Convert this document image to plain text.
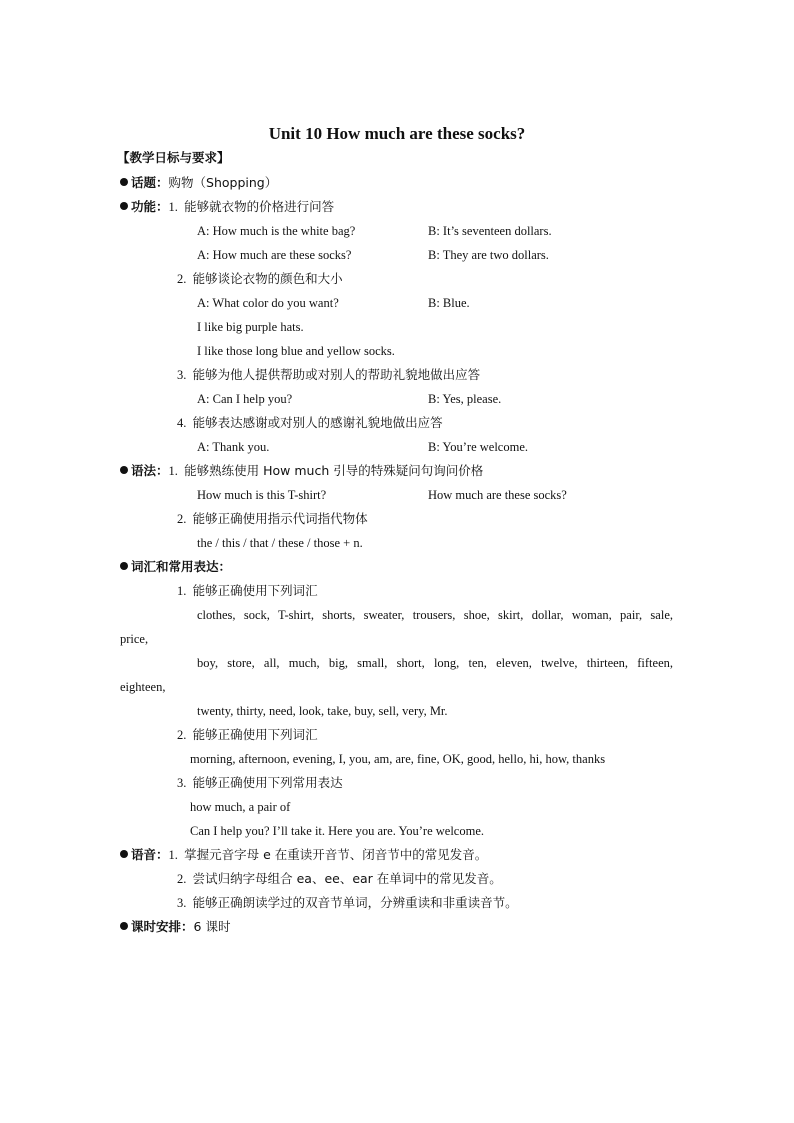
Unit 10 How much are these socks?
【教学日标与要求】
话题：购物（Shopping）
功能：1. 能够就衣物的价格进行问答
A: How much is the white bag?	B: It’s seventeen dollars.
A: How much are these socks?	B: They are two dollars.
2. 能够谈论衣物的颜色和大小
A: What color do you want?	B: Blue.
I like big purple hats.
I like those long blue and yellow socks.
3. 能够为他人提供帮助或对别人的帮助礼貌地做出应答
A: Can I help you?	B: Yes, please.
4. 能够表达感谢或对别人的感谢礼貌地做出应答
A: Thank you.	B: You’re welcome.
语法：1. 能够熟练使用 How much 引导的特殊疑问句询问价格
How much is this T-shirt?	How much are these socks?
2. 能够正确使用指示代词指代物体
the / this / that / these / those + n.
词汇和常用表达：
1. 能够正确使用下列词汇
clothes, sock, T-shirt, shorts, sweater, trousers, shoe, skirt, dollar, woman, pair, sale,
price,
boy, store, all, much, big, small, short, long, ten, eleven, twelve, thirteen, fifteen,
eighteen,
twenty, thirty, need, look, take, buy, sell, very, Mr.
2. 能够正确使用下列词汇
morning, afternoon, evening, I, you, am, are, fine, OK, good, hello, hi, how, thanks
3. 能够正确使用下列常用表达
how much, a pair of
Can I help you? I’ll take it. Here you are. You’re welcome.
语音：1. 掌握元音字母 e 在重读开音节、闭音节中的常见发音。
2. 尝试归纳字母组合 ea、ee、ear 在单词中的常见发音。
3. 能够正确朗读学过的双音节单词，分辨重读和非重读音节。
课时安排：6 课时
